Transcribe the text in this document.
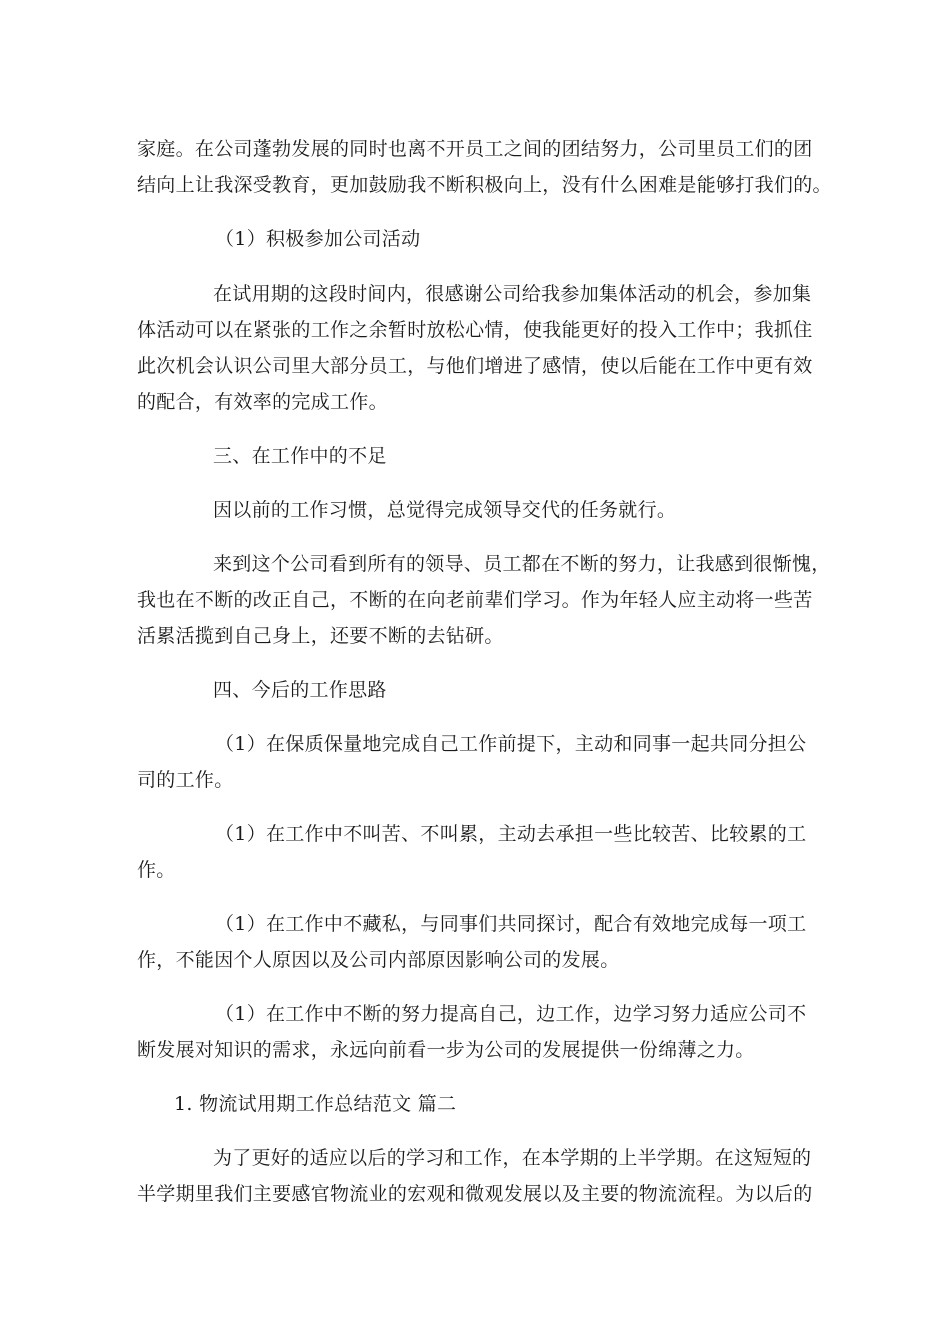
家庭。在公司蓬勃发展的同时也离不开员工之间的团结努力，公司里员工们的团
结向上让我深受教育，更加鼓励我不断积极向上，没有什么困难是能够打我们的。
（1）积极参加公司活动
在试用期的这段时间内，很感谢公司给我参加集体活动的机会，参加集
体活动可以在紧张的工作之余暂时放松心情，使我能更好的投入工作中；我抓住
此次机会认识公司里大部分员工，与他们增进了感情，使以后能在工作中更有效
的配合，有效率的完成工作。
三、在工作中的不足
因以前的工作习惯，总觉得完成领导交代的任务就行。
来到这个公司看到所有的领导、员工都在不断的努力，让我感到很惭愧，
我也在不断的改正自己，不断的在向老前辈们学习。作为年轻人应主动将一些苦
活累活揽到自己身上，还要不断的去钻研。
四、今后的工作思路
（1）在保质保量地完成自己工作前提下，主动和同事一起共同分担公
司的工作。
（1）在工作中不叫苦、不叫累，主动去承担一些比较苦、比较累的工
作。
（1）在工作中不藏私，与同事们共同探讨，配合有效地完成每一项工
作，不能因个人原因以及公司内部原因影响公司的发展。
（1）在工作中不断的努力提高自己，边工作，边学习努力适应公司不
断发展对知识的需求，永远向前看一步为公司的发展提供一份绵薄之力。
1. 物流试用期工作总结范文 篇二
为了更好的适应以后的学习和工作，在本学期的上半学期。在这短短的
半学期里我们主要感官物流业的宏观和微观发展以及主要的物流流程。为以后的
